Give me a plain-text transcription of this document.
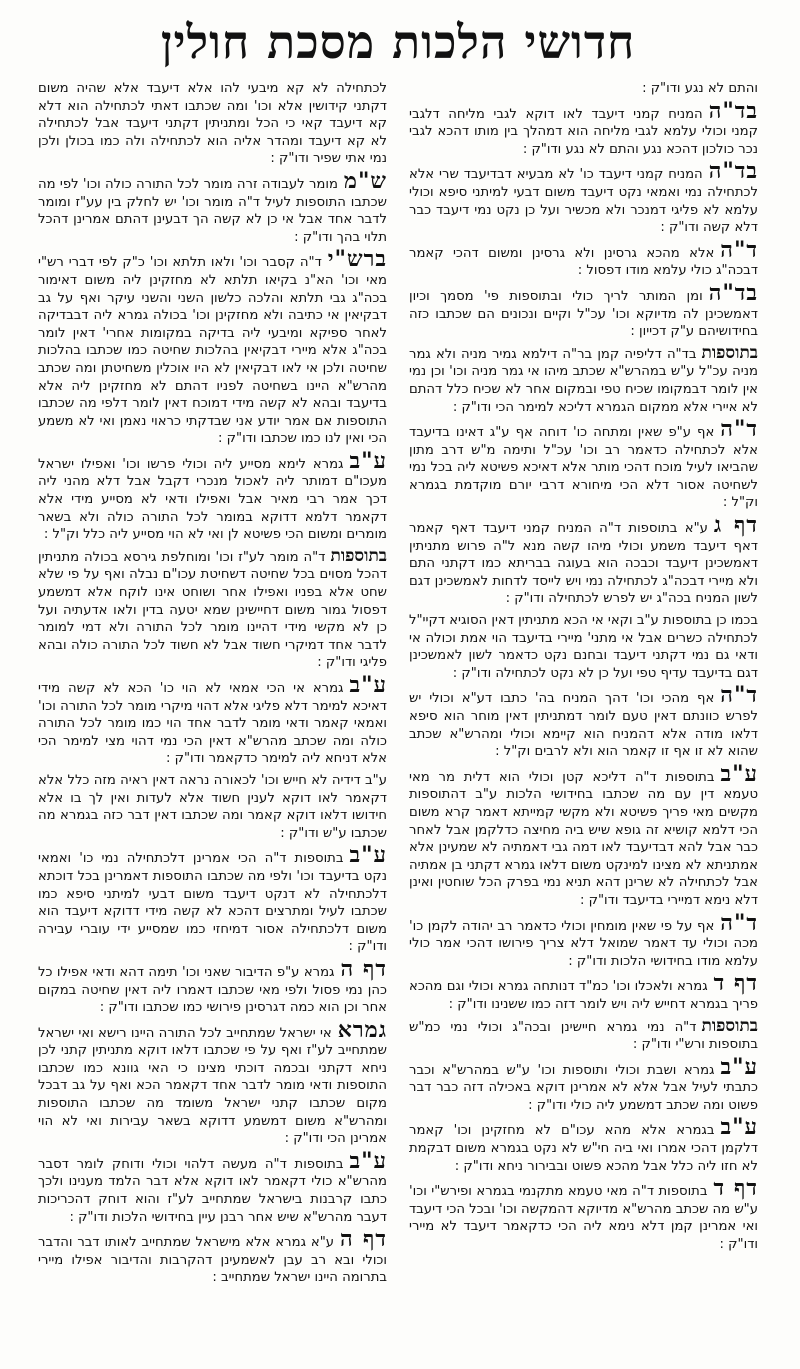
חדושי הלכות מסכת חולין

והתם לא נגע ודו"ק :

בד"ההמניח קמני דיעבד לאו דוקא לגבי מליחה דלגבי קמני וכולי עלמא לגבי מליחה הוא דמהלך בין מותו דהכא לגבי נכר כולכון דהכא נגע והתם לא נגע ודו"ק :

בד"ההמניח קמני דיעבד כו' לא מבעיא דבדיעבד שרי אלא לכתחילה נמי ואמאי נקט דיעבד משום דבעי למיתני סיפא וכולי עלמא לא פליגי דמנכר ולא מכשיר ועל כן נקט נמי דיעבד כבר דלא קשה ודו"ק :

ד"האלא מהכא גרסינן ולא גרסינן ומשום דהכי קאמר דבכה"ג כולי עלמא מודו דפסול :

בד"הומן המותר לריך כולי ובתוספות פי' מסמך וכיון דאמשכינן לה מדיוקא וכו' עכ"ל וקיים ונכונים הם שכתבו כזה בחידושיהם ע"ק דכייון :

בתוספותבד"ה דליפיה קמן בר"ה דילמא גמיר מניה ולא גמר מניה עכ"ל ע"ש במהרש"א שכתב מיהו אי גמר מניה וכו' וכן נמי אין לומר דבמקומו שכיח טפי ובמקום אחר לא שכיח כלל דהתם לא איירי אלא ממקום הגמרא דליכא למימר הכי ודו"ק :

ד"האף ע"פ שאין ומתחה כו' דוחה אף ע"ג דאינו בדיעבד אלא לכתחילה כדאמר רב וכו' עכ"ל ותימה מ"ש דרב מתון שהביאו לעיל מוכח דהכי מותר אלא דאיכא פשיטא ליה בכל נמי לשחיטה אסור דלא הכי מיחורא דרבי יורם מוקדמת בגמרא וק"ל :

דף גע"א בתוספות ד"ה המניח קמני דיעבד דאף קאמר דאף דיעבד משמע וכולי מיהו קשה מנא ל"ה פרוש מתניתין דאמשכינן דיעבד וכבכה הוא בעוגה בבריתא כמו דקתני התם ולא מיירי דבכה"ג לכתחילה נמי ויש לייסד לדחות לאמשכינן דגם לשון המניח בכה"ג יש לפרש לכתחילה ודו"ק :

בכמו כן בתוספות ע"ב וקאי אי הכא מתניתין דאין הסוגיא דקיי"ל לכתחילה כשרים אבל אי מתני' מיירי בדיעבד הוי אמת וכולה אי ודאי גם נמי דקתני דיעבד ובחנם נקט כדאמר לשון לאמשכינן דגם בדיעבד עדיף טפי ועל כן לא נקט לכתחילה ודו"ק :

ד"האף מהכי וכו' דהך המניח בה' כתבו דע"א וכולי יש לפרש כוונתם דאין טעם לומר דמתניתין דאין מוחר הוא סיפא דלאו מודה אלא דהמניח הוא קיימא וכולי ומהרש"א שכתב שהוא לא זו אף זו קאמר הוא ולא לרבים וק"ל :

ע"בבתוספות ד"ה דליכא קטן וכולי הוא דלית מר מאי טעמא דין עם מה שכתבו בחידושי הלכות ע"ב דהתוספות מקשים מאי פריך פשיטא ולא מקשי קמייתא דאמר קרא משום הכי דלמא קושיא זה גופא שיש ביה מחיצה כדלקמן אבל לאחר כבר אבל להא דבדיעבד לאו דמה גבי דאמתיה לא שמעינן אלא אמתניתא לא מצינו למינקט משום דלאו גמרא דקתני בן אמתיה אבל לכתחילה לא שרינן דהא תניא נמי בפרק הכל שוחטין ואינן דלא נימא דמיירי בדיעבד ודו"ק :

ד"האף על פי שאין מומחין וכולי כדאמר רב יהודה לקמן כו' מכה וכולי עד דאמר שמואל דלא צריך פירושו דהכי אמר כולי עלמא מודו בחידושי הלכות ודו"ק :

דף דגמרא ולאכלו וכו' כמ"ד דנותחה גמרא וכולי וגם מהכא פריך בגמרא דחייש ליה ויש לומר דזה כמו ששנינו ודו"ק :

בתוספותד"ה נמי גמרא חיישינן ובכה"ג וכולי נמי כמ"ש בתוספות ורש"י ודו"ק :

ע"בגמרא ושבת וכולי ותוספות וכו' ע"ש במהרש"א וכבר כתבתי לעיל אבל אלא לא אמרינן דוקא באכילה דזה כבר דבר פשוט ומה שכתב דמשמע ליה כולי ודו"ק :

ע"בבגמרא אלא מהא עכו"ם לא מחזקינן וכו' קאמר דלקמן דהכי אמרו ואי ביה חי"ש לא נקט בגמרא משום דבקמת לא חזו ליה כלל אבל מהכא פשוט ובבירור ניחא ודו"ק :

דף דבתוספות ד"ה מאי טעמא מתקנמי בגמרא ופירש"י וכו' ע"ש מה שכתב מהרש"א מדיוקא דהמקשה וכו' ובכל הכי דיעבד ואי אמרינן קמן דלא נימא ליה הכי כדקאמר דיעבד לא מיירי ודו"ק :

לכתחילה לא קא מיבעי להו אלא דיעבד אלא שהיה משום דקתני קידושין אלא וכו' ומה שכתבו דאתי לכתחילה הוא דלא קא דיעבד קאי כי הכל ומתניתין דקתני דיעבד אבל לכתחילה לא קא דיעבד ומהדר אליה הוא לכתחילה ולה כמו בכולן ולכן נמי אתי שפיר ודו"ק :

ש"ממומר לעבודה זרה מומר לכל התורה כולה וכו' לפי מה שכתבו התוספות לעיל ד"ה מומר וכו' יש לחלק בין עע"ז ומומר לדבר אחד אבל אי כן לא קשה הך דבעינן דהתם אמרינן דהכל תלוי בהך ודו"ק :

ברש"יד"ה קסבר וכו' ולאו תלתא וכו' כ"ק לפי דברי רש"י מאי וכו' הא"נ בקיאו תלתא לא מחזקינן ליה משום דאימור בכה"ג גבי תלתא והלכה כלשון השני והשני עיקר ואף על גב דבקיאין אי כתיבה ולא מחזקינן וכו' בכולה גמרא ליה דבבדיקה לאחר ספיקא ומיבעי ליה בדיקה במקומות אחרי' דאין לומר בכה"ג אלא מיירי דבקיאין בהלכות שחיטה כמו שכתבו בהלכות שחיטה ולכן אי לאו דבקיאין לא היו אוכלין משחיטתן ומה שכתב מהרש"א היינו בשחיטה לפניו דהתם לא מחזקינן ליה אלא בדיעבד ובהא לא קשה מידי דמוכח דאין לומר דלפי מה שכתבו התוספות אם אמר יודע אני שבדקתי כראוי נאמן ואי לא משמע הכי ואין לנו כמו שכתבו ודו"ק :

ע"בגמרא לימא מסייע ליה וכולי פרשו וכו' ואפילו ישראל מעכו"ם דמותר ליה לאכול מנכרי דקבל אבל דלא מהני ליה דכך אמר רבי מאיר אבל ואפילו ודאי לא מסייע מידי אלא דקאמר דלמא דדוקא במומר לכל התורה כולה ולא בשאר מומרים ומשום הכי פשיטא לן ואי לא הוי מסייע ליה כלל וק"ל :

בתוספותד"ה מומר לע"ז וכו' ומוחלפת גירסא בכולה מתניתין דהכל מסוים בכל שחיטה דשחיטת עכו"ם נבלה ואף על פי שלא שחט אלא בפניו ואפילו אחר ושוחט אינו לוקח אלא דמשמע דפסול גמור משום דחיישינן שמא יטעה בדין ולאו אדעתיה ועל כן לא מקשי מידי דהיינו מומר לכל התורה ולא דמי למומר לדבר אחד דמיקרי חשוד אבל לא חשוד לכל התורה כולה ובהא פליגי ודו"ק :

ע"בגמרא אי הכי אמאי לא הוי כו' הכא לא קשה מידי דאיכא למימר דלא פליגי אלא דהוי מיקרי מומר לכל התורה וכו' ואמאי קאמר ודאי מומר לדבר אחד הוי כמו מומר לכל התורה כולה ומה שכתב מהרש"א דאין הכי נמי דהוי מצי למימר הכי אלא דניחא ליה למימר כדקאמר ודו"ק :

ע"ב דידיה לא חייש וכו' לכאורה נראה דאין ראיה מזה כלל אלא דקאמר לאו דוקא לענין חשוד אלא לעדות ואין לך בו אלא חידושו דלאו דוקא קאמר ומה שכתבו דאין דבר כזה בגמרא מה שכתבו ע"ש ודו"ק :

ע"בבתוספות ד"ה הכי אמרינן דלכתחילה נמי כו' ואמאי נקט בדיעבד וכו' ולפי מה שכתבו התוספות דאמרינן בכל דוכתא דלכתחילה לא דנקט דיעבד משום דבעי למיתני סיפא כמו שכתבו לעיל ומתרצים דהכא לא קשה מידי דדוקא דיעבד הוא משום דלכתחילה אסור דמיחזי כמו שמסייע ידי עוברי עבירה ודו"ק :

דף הגמרא ע"פ הדיבור שאני וכו' תימה דהא ודאי אפילו כל כהן נמי פסול ולפי מאי שכתבו דאמרו ליה דאין שחיטה במקום אחר וכן הוא כמה דגרסינן פירושי כמו שכתבו ודו"ק :

גמראאי ישראל שמתחייב לכל התורה היינו רישא ואי ישראל שמתחייב לע"ז ואף על פי שכתבו דלאו דוקא מתניתין קתני לכן ניחא דקתני ובכמה דוכתי מצינו כי האי גוונא כמו שכתבו התוספות ודאי מומר לדבר אחד דקאמר הכא ואף על גב דבכל מקום שכתבו קתני ישראל משומד מה שכתבו התוספות ומהרש"א משום דמשמע דדוקא בשאר עבירות ואי לא הוי אמרינן הכי ודו"ק :

ע"בבתוספות ד"ה מעשה דלהוי וכולי ודוחק לומר דסבר מהרש"א כולי דקאמר לאו דוקא אלא דבר הלמד מענינו ולכך כתבו קרבנות בישראל שמתחייב לע"ז והוא דוחק דהכריכות דעבר מהרש"א שיש אחר רבנן עיין בחידושי הלכות ודו"ק :

דף הע"א גמרא אלא מישראל שמתחייב לאותו דבר והדבר וכולי ובא רב עבן לאשמעינן דהקרבות והדיבור אפילו מיירי בתרומה היינו ישראל שמתחייב :
